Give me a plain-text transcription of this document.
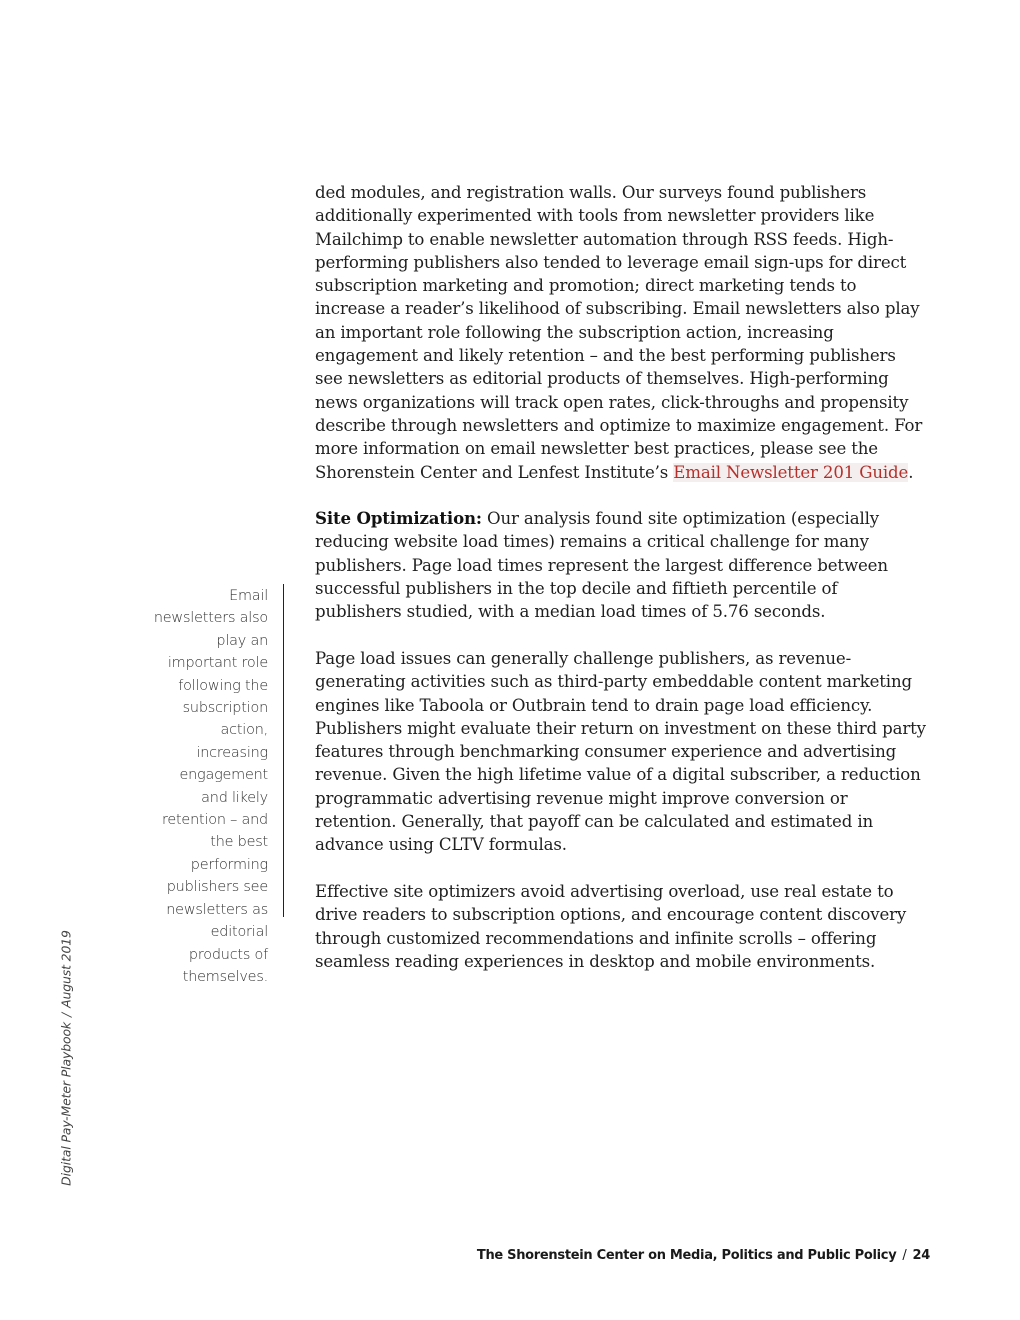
ded modules, and registration walls. Our surveys found publishers additionally experimented with tools from newsletter providers like Mailchimp to enable newsletter automation through RSS feeds. High-performing publishers also tended to leverage email sign-ups for direct subscription marketing and promotion; direct marketing tends to increase a reader’s likelihood of subscribing. Email newsletters also play an important role following the subscription action, increasing engagement and likely retention – and the best performing publishers see newsletters as editorial products of themselves. High-performing news organizations will track open rates, click-throughs and propensity describe through newsletters and optimize to maximize engagement. For more information on email newsletter best practices, please see the Shorenstein Center and Lenfest Institute’s Email Newsletter 201 Guide.

Site Optimization: Our analysis found site optimization (especially reducing website load times) remains a critical challenge for many publishers. Page load times represent the largest difference between successful publishers in the top decile and fiftieth percentile of publishers studied, with a median load times of 5.76 seconds.

Page load issues can generally challenge publishers, as revenue-generating activities such as third-party embeddable content marketing engines like Taboola or Outbrain tend to drain page load efficiency. Publishers might evaluate their return on investment on these third party features through benchmarking consumer experience and advertising revenue. Given the high lifetime value of a digital subscriber, a reduction programmatic advertising revenue might improve conversion or retention. Generally, that payoff can be calculated and estimated in advance using CLTV formulas.

Effective site optimizers avoid advertising overload, use real estate to drive readers to subscription options, and encourage content discovery through customized recommendations and infinite scrolls – offering seamless reading experiences in desktop and mobile environments.

Email newsletters also play an important role following the subscription action, increasing engagement and likely retention – and the best performing publishers see newsletters as editorial products of themselves.
Digital Pay-Meter Playbook/August 2019
The Shorenstein Center on Media, Politics and Public Policy / 24
